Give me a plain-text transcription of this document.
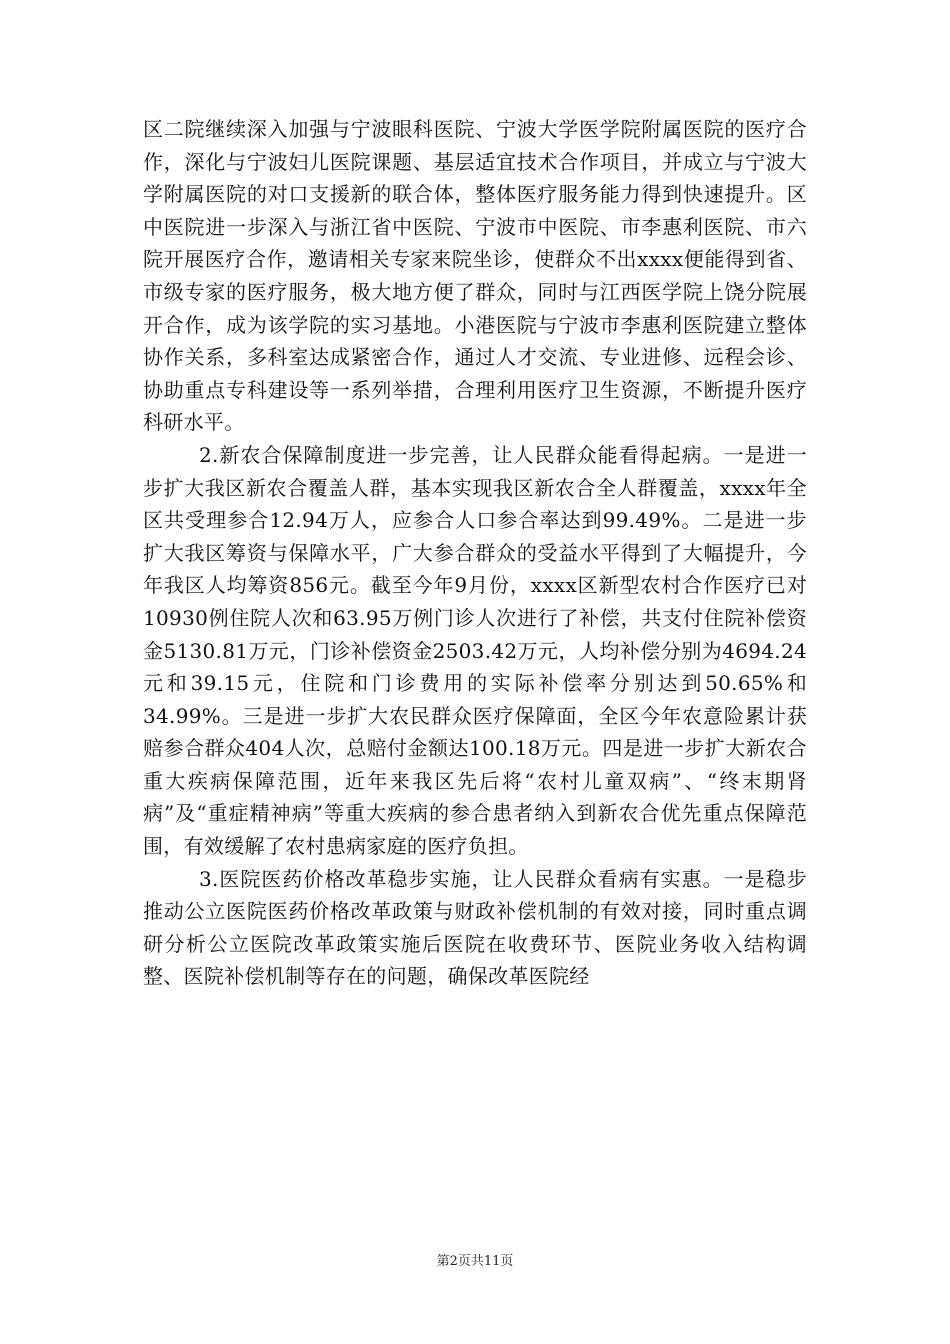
区二院继续深入加强与宁波眼科医院、宁波大学医学院附属医院的医疗合作，深化与宁波妇儿医院课题、基层适宜技术合作项目，并成立与宁波大学附属医院的对口支援新的联合体，整体医疗服务能力得到快速提升。区中医院进一步深入与浙江省中医院、宁波市中医院、市李惠利医院、市六院开展医疗合作，邀请相关专家来院坐诊，使群众不出xxxx便能得到省、市级专家的医疗服务，极大地方便了群众，同时与江西医学院上饶分院展开合作，成为该学院的实习基地。小港医院与宁波市李惠利医院建立整体协作关系，多科室达成紧密合作，通过人才交流、专业进修、远程会诊、协助重点专科建设等一系列举措，合理利用医疗卫生资源，不断提升医疗科研水平。

2.新农合保障制度进一步完善，让人民群众能看得起病。一是进一步扩大我区新农合覆盖人群，基本实现我区新农合全人群覆盖，xxxx年全区共受理参合12.94万人，应参合人口参合率达到99.49%。二是进一步扩大我区筹资与保障水平，广大参合群众的受益水平得到了大幅提升，今年我区人均筹资856元。截至今年9月份，xxxx区新型农村合作医疗已对10930例住院人次和63.95万例门诊人次进行了补偿，共支付住院补偿资金5130.81万元，门诊补偿资金2503.42万元，人均补偿分别为4694.24元和39.15元，住院和门诊费用的实际补偿率分别达到50.65%和34.99%。三是进一步扩大农民群众医疗保障面，全区今年农意险累计获赔参合群众404人次，总赔付金额达100.18万元。四是进一步扩大新农合重大疾病保障范围，近年来我区先后将“农村儿童双病”、“终末期肾病”及“重症精神病”等重大疾病的参合患者纳入到新农合优先重点保障范围，有效缓解了农村患病家庭的医疗负担。

3.医院医药价格改革稳步实施，让人民群众看病有实惠。一是稳步推动公立医院医药价格改革政策与财政补偿机制的有效对接，同时重点调研分析公立医院改革政策实施后医院在收费环节、医院业务收入结构调整、医院补偿机制等存在的问题，确保改革医院经

第2页共11页
